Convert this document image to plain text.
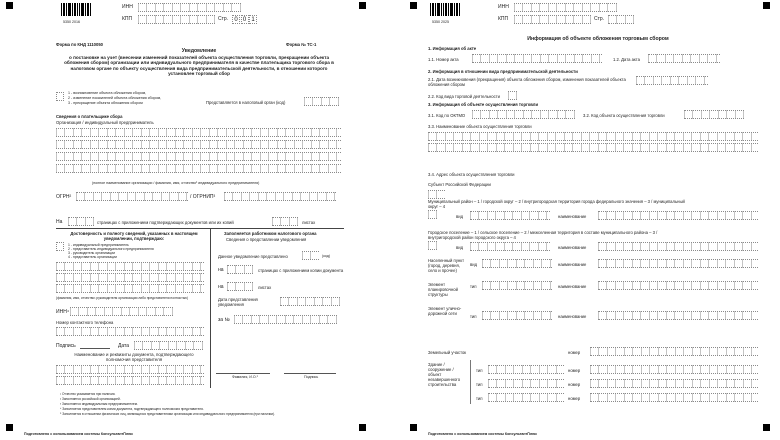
5350 2016
ИНН
КПП	Стр.	0 0 1
Форма по КНД 1110050	Форма № ТС-1
Уведомление
о постановке на учет (внесении изменений показателей объекта осуществления торговли, прекращении объекта обложения сбором) организации или индивидуального предпринимателя в качестве плательщика торгового сбора в налоговом органе по объекту осуществления вида предпринимательской деятельности, в отношении которого установлен торговый сбор
1 - возникновение объекта обложения сбором,
2 - изменение показателей объекта обложения сбором,
3 - прекращение объекта обложения сбором	Представляется в налоговый орган (код)
Сведения о плательщике сбора
Организация / индивидуальный предприниматель
(полное наименование организации / фамилия, имя, отчество¹ индивидуального предпринимателя)
ОГРН²	/ ОГРНИП³
На	страницах с приложением подтверждающих документов или их копий	листах
Достоверность и полноту сведений, указанных в настоящем уведомлении, подтверждаю:
1 - индивидуальный предприниматель
2 - представитель индивидуального предпринимателя
3 - руководитель организации
4 - представитель организации
(фамилия, имя, отчество¹ руководителя организации либо представителя полностью)
ИНН⁴
Номер контактного телефона
Подпись	Дата
Наименование и реквизиты документа, подтверждающего полномочия представителя
Заполняется работником налогового органа
Сведения о представлении уведомления
Данное уведомление представлено	(код)
на	страницах с приложением копии документа
на	листах
Дата представления уведомления
за №
Фамилия, И.О.¹	Подпись
¹ Отчество указывается при наличии.
² Заполняется российской организацией.
³ Заполняется индивидуальным предпринимателем.
⁴ Заполняется представителем копии документа, подтверждающего полномочия представителя.
⁵ Заполняется в отношении физических лиц, являющихся представителями организации или индивидуального предпринимателя (при наличии).
Подготовлено с использованием системы КонсультантПлюс
5350 2025
ИНН
КПП	Стр.
Информация об объекте обложения торговым сбором
1. Информация об акте
1.1. Номер акта	1.2. Дата акта
2. Информация в отношении вида предпринимательской деятельности
2.1. Дата возникновения (прекращения) объекта обложения сбором, изменения показателей объекта обложения сбором
2.2. Код вида торговой деятельности
3. Информация об объекте осуществления торговли
3.1. Код по ОКТМО	3.2. Код объекта осуществления торговли
3.3. Наименование объекта осуществления торговли
3.4. Адрес объекта осуществления торговли
Субъект Российской Федерации
Муниципальный район – 1 / городской округ – 2 / внутригородская территория города федерального значения – 3 / муниципальный округ – 4
вид	наименование
Городское поселение – 1 / сельское поселение – 2 / межселенная территория в составе муниципального района – 3 / внутригородской район городского округа – 4
вид	наименование
Населенный пункт (город, деревня, село и прочее)
вид	наименование
Элемент планировочной структуры
тип	наименование
Элемент улично-дорожной сети
тип	наименование
Земельный участок	номер
Здание / сооружение / объект незавершенного строительства
тип	номер
тип	номер
тип	номер
Подготовлено с использованием системы КонсультантПлюс
